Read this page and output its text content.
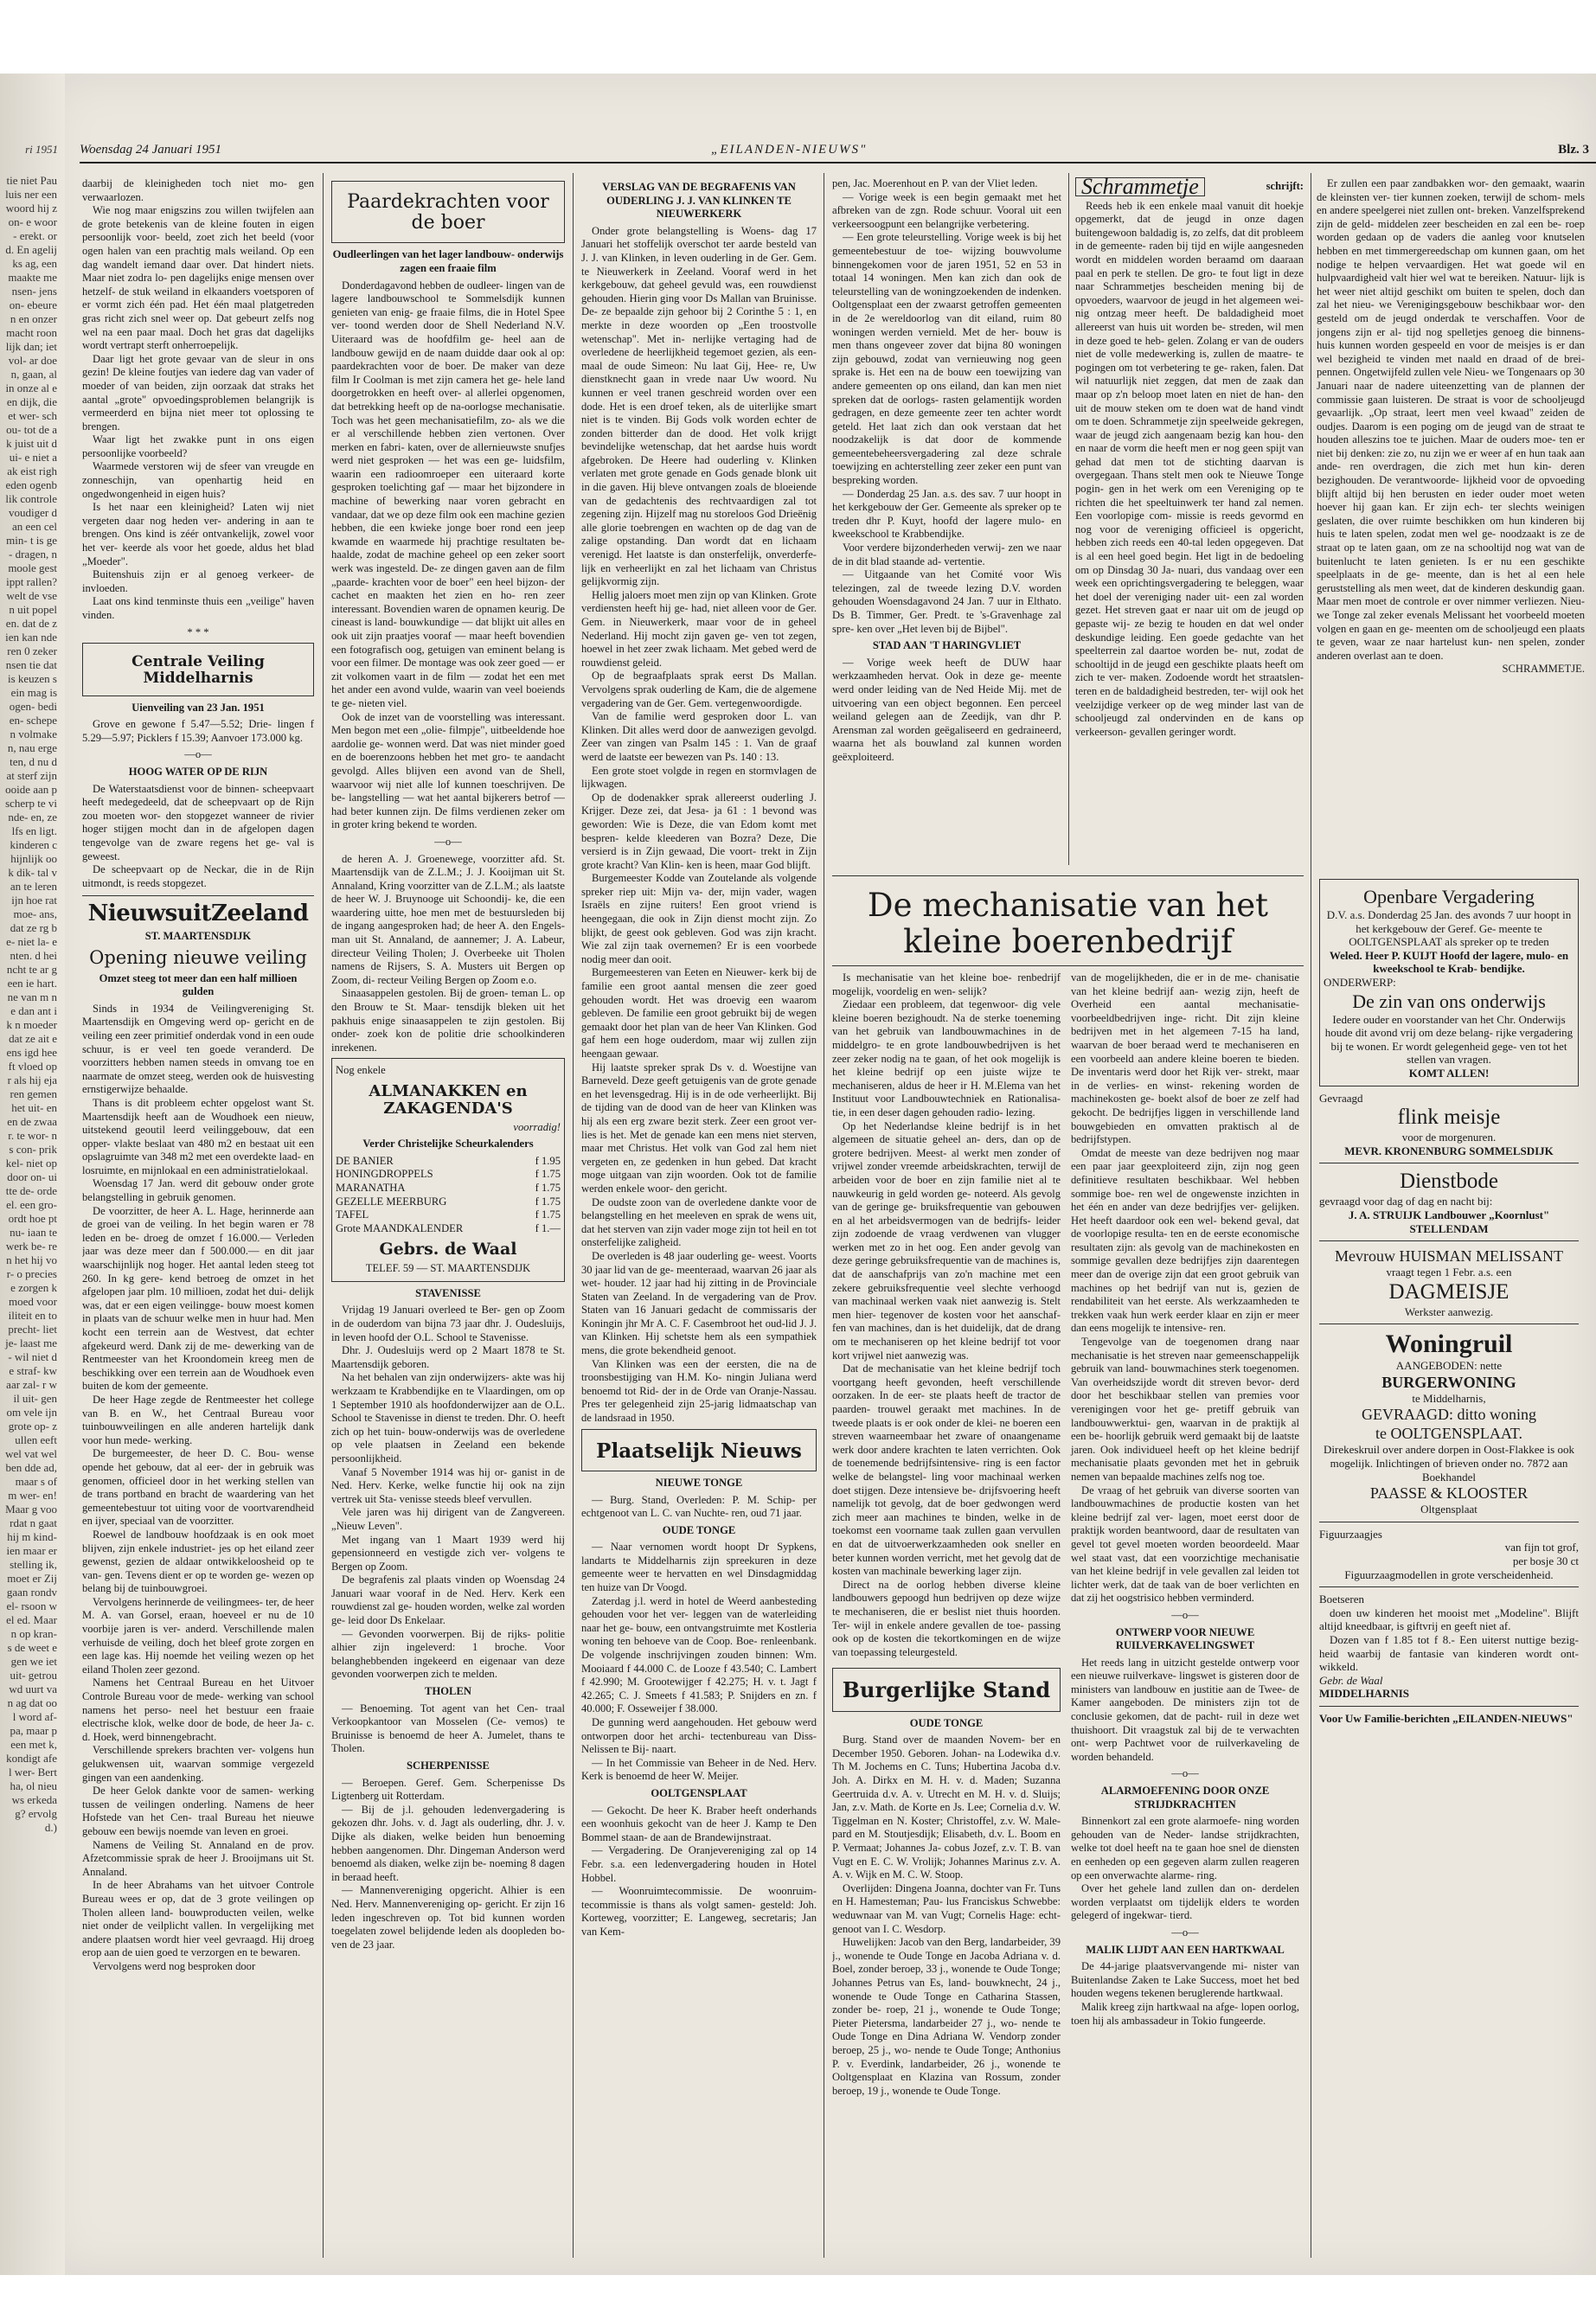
ri 1951

tie niet Pauluis ner een woord hij zon- e woor- erekt. ord. En agelijks ag, een maakte mensen- jens on- ebeuren en onzer macht roonlijk dan; iet vol- ar doen, gaan, al in onze al een dijk, die et wer- schou- tot de ak juist uit dui- e niet aak eist righeden ogenblik controle voudiger dan een cel min- t is ge- dragen, n moole gestippt rallen? welt de vsen uit popelen. dat de zien kan nderen 0 zeker nsen tie dat is keuzen sein mag is ogen- bedien- schepen volmaken, nau ergeten, d nu dat sterf zijn ooide aan p scherp te vinde- en, zelfs en ligt. kinderen chijnlijk ook dik- tal van te leren ijn hoe rat moe- ans, dat ze rg be- niet la- enten. d hei ncht te ar geen ie hart. ne van m ne dan ant ik n moeder dat ze ait eens igd heeft vloed op r als hij ejaren gemen het uit- en en de zwaar. te wor- ns con- prikkel- niet op door on- uitte de- ordeel. een gro- ordt hoe pt nu- iaan te werk be- ren het hij vor- o precies e zorgen kmoed voor iliteit en toprecht- liet je- laast me- wil niet de straf- kwaar zal- r wil uit- gen om vele ijn grote op- zullen eeft wel vat wel ben dde ad, maar s of m wer- en! Maar g voordat n gaat hij m kind- ien maar er stelling ik, moet er Zij gaan rondvel- rsoon wel ed. Maar n op kran- s de weet egen we iet uit- getrouwd uurt van ag dat ool word af- pa, maar peen met k, kondigt afel wer- Bertha, ol nieuws erkedag? ervolgd.)

Woensdag 24 Januari 1951	„EILANDEN-NIEUWS"	Blz. 3

daarbij de kleinigheden toch niet mo- gen verwaarlozen.

Wie nog maar enigszins zou willen twijfelen aan de grote betekenis van de kleine fouten in eigen persoonlijk voor- beeld, zoet zich het beeld (voor ogen halen van een prachtig mals weiland. Op een dag wandelt iemand daar over. Dat hindert niets. Maar niet zodra lo- pen dagelijks enige mensen over hetzelf- de stuk weiland in elkaanders voetsporen of er vormt zich één pad. Het één maal platgetreden gras richt zich snel weer op. Dat gebeurt zelfs nog wel na een paar maal. Doch het gras dat dagelijks wordt vertrapt sterft onherroepelijk.

Daar ligt het grote gevaar van de sleur in ons gezin! De kleine foutjes van iedere dag van vader of moeder of van beiden, zijn oorzaak dat straks het aantal „grote" opvoedingsproblemen belangrijk is vermeerderd en bijna niet meer tot oplossing te brengen.

Waar ligt het zwakke punt in ons eigen persoonlijke voorbeeld?

Waarmede verstoren wij de sfeer van vreugde en zonneschijn, van openhartig heid en ongedwongenheid in eigen huis?

Is het naar een kleinigheid? Laten wij niet vergeten daar nog heden ver- andering in aan te brengen. Ons kind is zéér ontvankelijk, zowel voor het ver- keerde als voor het goede, aldus het blad „Moeder".

Buitenshuis zijn er al genoeg verkeer- de invloeden.

Laat ons kind tenminste thuis een „veilige" haven vinden.

* * *
Centrale Veiling Middelharnis
Uienveiling van 23 Jan. 1951

Grove en gewone f 5.47—5.52; Drie- lingen f 5.29—5.97; Picklers f 15.39; Aanvoer 173.000 kg.

—o—
HOOG WATER OP DE RIJN

De Waterstaatsdienst voor de binnen- scheepvaart heeft medegedeeld, dat de scheepvaart op de Rijn zou moeten wor- den stopgezet wanneer de rivier hoger stijgen mocht dan in de afgelopen dagen tengevolge van de zware regens het ge- val is geweest.

De scheepvaart op de Neckar, die in de Rijn uitmondt, is reeds stopgezet.

NieuwsuitZeeland
ST. MAARTENSDIJK
Opening nieuwe veiling
Omzet steeg tot meer dan een half millioen gulden

Sinds in 1934 de Veilingvereniging St. Maartensdijk en Omgeving werd op- gericht en de veiling een zeer primitief onderdak vond in een oude schuur, is er veel ten goede veranderd. De voorzitters hebben namen steeds in omvang toe en naarmate de omzet steeg, werden ook de huisvesting ernstigerwijze behaalde.

Thans is dit probleem echter opgelost want St. Maartensdijk heeft aan de Woudhoek een nieuw, uitstekend geoutil leerd veilinggebouw, dat een opper- vlakte beslaat van 480 m2 en bestaat uit een opslagruimte van 348 m2 met een overdekte laad- en losruimte, en mijnlokaal en een administratielokaal.

Woensdag 17 Jan. werd dit gebouw onder grote belangstelling in gebruik genomen.

De voorzitter, de heer A. L. Hage, herinnerde aan de groei van de veiling. In het begin waren er 78 leden en be- droeg de omzet f 16.000.— Verleden jaar was deze meer dan f 500.000.— en dit jaar waarschijnlijk nog hoger. Het aantal leden steeg tot 260. In kg gere- kend betroeg de omzet in het afgelopen jaar plm. 10 millioen, zodat het dui- delijk was, dat er een eigen veilingge- bouw moest komen in plaats van de schuur welke men in huur had. Men kocht een terrein aan de Westvest, dat echter afgekeurd werd. Dank zij de me- dewerking van de Rentmeester van het Kroondomein kreeg men de beschikking over een terrein aan de Woudhoek even buiten de kom der gemeente.

De heer Hage zegde de Rentmeester het college van B. en W., het Centraal Bureau voor tuinbouwveilingen en alle anderen hartelijk dank voor hun mede- werking.

De burgemeester, de heer D. C. Bou- wense opende het gebouw, dat al eer- der in gebruik was genomen, officieel door in het werking stellen van de trans portband en bracht de waardering van het gemeentebestuur tot uiting voor de voortvarendheid en ijver, speciaal van de voorzitter.

Roewel de landbouw hoofdzaak is en ook moet blijven, zijn enkele industriet- jes op het eiland zeer gewenst, gezien de aldaar ontwikkeloosheid op te van- gen. Tevens dient er op te worden ge- wezen op belang bij de tuinbouwgroei.

Vervolgens herinnerde de veilingmees- ter, de heer M. A. van Gorsel, eraan, hoeveel er nu de 10 voorbije jaren is ver- anderd. Verschillende malen verhuisde de veiling, doch het bleef grote zorgen en een lage kas. Hij noemde het veiling wezen op het eiland Tholen zeer gezond.

Namens het Centraal Bureau en het Uitvoer Controle Bureau voor de mede- werking van school namens het perso- neel het bestuur een fraaie electrische klok, welke door de bode, de heer Ja- c. d. Hoek, werd binnengebracht.

Verschillende sprekers brachten ver- volgens hun gelukwensen uit, waarvan sommige vergezeld gingen van een aandenking.

De heer Gelok dankte voor de samen- werking tussen de veilingen onderling. Namens de heer Hofstede van het Cen- traal Bureau het nieuwe gebouw een bewijs noemde van leven en groei.

Namens de Veiling St. Annaland en de prov. Afzetcommissie sprak de heer J. Brooijmans uit St. Annaland.

In de heer Abrahams van het uitvoer Controle Bureau wees er op, dat de 3 grote veilingen op Tholen alleen land- bouwproducten veilen, welke niet onder de veilplicht vallen. In vergelijking met andere plaatsen wordt hier veel gevraagd. Hij droeg erop aan de uien goed te verzorgen en te bewaren.

Vervolgens werd nog besproken door

Paardekrachten voor de boer
Oudleerlingen van het lager landbouw- onderwijs zagen een fraaie film

Donderdagavond hebben de oudleer- lingen van de lagere landbouwschool te Sommelsdijk kunnen genieten van enig- ge fraaie films, die in Hotel Spee ver- toond werden door de Shell Nederland N.V. Uiteraard was de hoofdfilm ge- heel aan de landbouw gewijd en de naam duidde daar ook al op: paardekrachten voor de boer. De maker van deze film Ir Coolman is met zijn camera het ge- hele land doorgetrokken en heeft over- al allerlei opgenomen, dat betrekking heeft op de na-oorlogse mechanisatie. Toch was het geen mechanisatiefilm, zo- als we die er al verschillende hebben zien vertonen. Over merken en fabri- katen, over de allernieuwste snufjes werd niet gesproken — het was een ge- luidsfilm, waarin een radioomroeper een uiteraard korte gesproken toelichting gaf — maar het bijzondere in machine of bewerking naar voren gebracht en vandaar, dat we op deze film ook een machine gezien hebben, die een kwieke jonge boer rond een jeep kwamde en waarmede hij prachtige resultaten be- haalde, zodat de machine geheel op een zeker soort werk was ingesteld. De- ze dingen gaven aan de film „paarde- krachten voor de boer" een heel bijzon- der cachet en maakten het zien en ho- ren zeer interessant. Bovendien waren de opnamen keurig. De cineast is land- bouwkundige — dat blijkt uit alles en ook uit zijn praatjes vooraf — maar heeft bovendien een fotografisch oog, getuigen van eminent belang is voor een filmer. De montage was ook zeer goed — er zit volkomen vaart in de film — zodat het een met het ander een avond vulde, waarin van veel boeiends te ge- nieten viel.

Ook de inzet van de voorstelling was interessant. Men begon met een „olie- filmpje", uitbeeldende hoe aardolie ge- wonnen werd. Dat was niet minder goed en de boerenzoons hebben het met gro- te aandacht gevolgd. Alles blijven een avond van de Shell, waarvoor wij niet alle lof kunnen toeschrijven. De be- langstelling — wat het aantal bijkerers betrof — had beter kunnen zijn. De films verdienen zeker om in groter kring bekend te worden.

—o—

de heren A. J. Groenewege, voorzitter afd. St. Maartensdijk van de Z.L.M.; J. J. Kooijman uit St. Annaland, Kring voorzitter van de Z.L.M.; als laatste de heer W. J. Bruynooge uit Schoondij- ke, die een waardering uitte, hoe men met de bestuursleden bij de ingang aangesproken had; de heer A. den Engels- man uit St. Annaland, de aannemer; J. A. Labeur, directeur Veiling Tholen; J. Overbeeke uit Tholen namens de Rijsers, S. A. Musters uit Bergen op Zoom, di- recteur Veiling Bergen op Zoom e.o.

Sinaasappelen gestolen. Bij de groen- teman L. op den Brouw te St. Maar- tensdijk bleken uit het pakhuis enige sinaasappelen te zijn gestolen. Bij onder- zoek kon de politie drie schoolkinderen inrekenen.

Nog enkele
ALMANAKKEN en ZAKAGENDA'S
voorradig!
Verder Christelijke Scheurkalenders
DE BANIER	f 1.95
HONINGDROPPELS	f 1.75
MARANATHA	f 1.75
GEZELLE MEERBURG	f 1.75
TAFEL	f 1.75
Grote MAANDKALENDER	f 1.—
Gebrs. de Waal
TELEF. 59 — ST. MAARTENSDIJK
STAVENISSE

Vrijdag 19 Januari overleed te Ber- gen op Zoom in de ouderdom van bijna 73 jaar dhr. J. Oudesluijs, in leven hoofd der O.L. School te Stavenisse.

Dhr. J. Oudesluijs werd op 2 Maart 1878 te St. Maartensdijk geboren.

Na het behalen van zijn onderwijzers- akte was hij werkzaam te Krabbendijke en te Vlaardingen, om op 1 September 1910 als hoofdonderwijzer aan de O.L. School te Stavenisse in dienst te treden. Dhr. O. heeft zich op het tuin- bouw-onderwijs was de overledene op vele plaatsen in Zeeland een bekende persoonlijkheid.

Vanaf 5 November 1914 was hij or- ganist in de Ned. Herv. Kerke, welke functie hij ook na zijn vertrek uit Sta- venisse steeds bleef vervullen.

Vele jaren was hij dirigent van de Zangvereen. „Nieuw Leven".

Met ingang van 1 Maart 1939 werd hij gepensionneerd en vestigde zich ver- volgens te Bergen op Zoom.

De begrafenis zal plaats vinden op Woensdag 24 Januari waar vooraf in de Ned. Herv. Kerk een rouwdienst zal ge- houden worden, welke zal worden ge- leid door Ds Enkelaar.

— Gevonden voorwerpen. Bij de rijks- politie alhier zijn ingeleverd: 1 broche. Voor belanghebbenden ingekeerd en eigenaar van deze gevonden voorwerpen zich te melden.

THOLEN

— Benoeming. Tot agent van het Cen- traal Verkoopkantoor van Mosselen (Ce- vemos) te Bruinisse is benoemd de heer A. Jumelet, thans te Tholen.

SCHERPENISSE

— Beroepen. Geref. Gem. Scherpenisse Ds Ligtenberg uit Rotterdam.

— Bij de j.l. gehouden ledenvergadering is gekozen dhr. Johs. v. d. Jagt als ouderling, dhr. J. v. Dijke als diaken, welke beiden hun benoeming hebben aangenomen. Dhr. Dingeman Anderson werd benoemd als diaken, welke zijn be- noeming 8 dagen in beraad heeft.

— Mannenvereniging opgericht. Alhier is een Ned. Herv. Mannenvereniging op- gericht. Er zijn 16 leden ingeschreven op. Tot bid kunnen worden toegelaten zowel belijdende leden als doopleden bo- ven de 23 jaar.

VERSLAG VAN DE BEGRAFENIS VAN OUDERLING J. J. VAN KLINKEN TE NIEUWERKERK

Onder grote belangstelling is Woens- dag 17 Januari het stoffelijk overschot ter aarde besteld van J. J. van Klinken, in leven ouderling in de Ger. Gem. te Nieuwerkerk in Zeeland. Vooraf werd in het kerkgebouw, dat geheel gevuld was, een rouwdienst gehouden. Hierin ging voor Ds Mallan van Bruinisse. De- ze bepaalde zijn gehoor bij 2 Corinthe 5 : 1, en merkte in deze woorden op „Een troostvolle wetenschap". Met in- nerlijke vertaging had de overledene de heerlijkheid tegemoet gezien, als een- maal de oude Simeon: Nu laat Gij, Hee- re, Uw dienstknecht gaan in vrede naar Uw woord. Nu kunnen er veel tranen geschreid worden over een dode. Het is een droef teken, als de uiterlijke smart niet is te vinden. Bij Gods volk worden echter de zonden bitterder dan de dood. Het volk krijgt bevindelijke wetenschap, dat het aardse huis wordt afgebroken. De Heere had ouderling v. Klinken verlaten met grote genade en Gods genade blonk uit in die gaven. Hij bleve ontvangen zoals de bloeiende van de gedachtenis des rechtvaardigen zal tot zegening zijn. Hijzelf mag nu storeloos God Drieënig alle glorie toebrengen en wachten op de dag van de zalige opstanding. Dan wordt dat en lichaam verenigd. Het laatste is dan onsterfelijk, onverderfe- lijk en verheerlijkt en zal het lichaam van Christus gelijkvormig zijn.

Hellig jaloers moet men zijn op van Klinken. Grote verdiensten heeft hij ge- had, niet alleen voor de Ger. Gem. in Nieuwerkerk, maar voor de in geheel Nederland. Hij mocht zijn gaven ge- ven tot zegen, hoewel in het zeer zwak lichaam. Met gebed werd de rouwdienst geleid.

Op de begraafplaats sprak eerst Ds Mallan. Vervolgens sprak ouderling de Kam, die de algemene vergadering van de Ger. Gem. vertegenwoordigde.

Van de familie werd gesproken door L. van Klinken. Dit alles werd door de aanwezigen gevolgd. Zeer van zingen van Psalm 145 : 1. Van de graaf werd de laatste eer bewezen van Ps. 140 : 13.

Een grote stoet volgde in regen en stormvlagen de lijkwagen.

Op de dodenakker sprak allereerst ouderling J. Krijger. Deze zei, dat Jesa- ja 61 : 1 bevond was geworden: Wie is Deze, die van Edom komt met bespren- kelde kleederen van Bozra? Deze, Die versierd is in Zijn gewaad, Die voort- trekt in Zijn grote kracht? Van Klin- ken is heen, maar God blijft.

Burgemeester Kodde van Zoutelande als volgende spreker riep uit: Mijn va- der, mijn vader, wagen Israëls en zijne ruiters! Een groot vriend is heengegaan, die ook in Zijn dienst mocht zijn. Zo blijkt, de geest ook gebleven. God was zijn kracht. Wie zal zijn taak overnemen? Er is een voorbede nodig meer dan ooit.

Burgemeesteren van Eeten en Nieuwer- kerk bij de familie een groot aantal mensen die zeer goed gehouden wordt. Het was droevig een waarom gebleven. De familie een groot gebruikt bij de wegen gemaakt door het plan van de heer Van Klinken. God gaf hem een hoge ouderdom, maar wij zullen zijn heengaan gewaar.

Hij laatste spreker sprak Ds v. d. Woestijne van Barneveld. Deze geeft getuigenis van de grote genade en het levensgedrag. Hij is in de ode verheerlijkt. Bij de tijding van de dood van de heer van Klinken was hij als een erg zware bezit sterk. Zeer een groot ver- lies is het. Met de genade kan een mens niet sterven, maar met Christus. Het volk van God zal hem niet vergeten en, ze gedenken in hun gebed. Dat kracht moge uitgaan van zijn woorden. Ook tot de familie werden enkele woor- den gericht.

De oudste zoon van de overledene dankte voor de belangstelling en het meeleven en sprak de wens uit, dat het sterven van zijn vader moge zijn tot heil en tot onsterfelijke zaligheid.

De overleden is 48 jaar ouderling ge- weest. Voorts 30 jaar lid van de ge- meenteraad, waarvan 26 jaar als wet- houder. 12 jaar had hij zitting in de Provinciale Staten van Zeeland. In de vergadering van de Prov. Staten van 16 Januari gedacht de commissaris der Koningin jhr Mr A. C. F. Casembroot het oud-lid J. J. van Klinken. Hij schetste hem als een sympathiek mens, die grote bekendheid genoot.

Van Klinken was een der eersten, die na de troonsbestijging van H.M. Ko- ningin Juliana werd benoemd tot Rid- der in de Orde van Oranje-Nassau. Pres ter gelegenheid zijn 25-jarig lidmaatschap van de landsraad in 1950.

Plaatselijk Nieuws
NIEUWE TONGE

— Burg. Stand, Overleden: P. M. Schip- per echtgenoot van L. C. van Nuchte- ren, oud 71 jaar.

OUDE TONGE

— Naar vernomen wordt hoopt Dr Sypkens, landarts te Middelharnis zijn spreekuren in deze gemeente weer te hervatten en wel Dinsdagmiddag ten huize van Dr Voogd.

Zaterdag j.l. werd in hotel de Weerd aanbesteding gehouden voor het ver- leggen van de waterleiding naar het ge- bouw, een ontvangstruimte met Kostleria woning ten behoeve van de Coop. Boe- renleenbank. De volgende inschrijvingen zouden binnen: Wm. Mooiaard f 44.000 C. de Looze f 43.540; C. Lambert f 42.990; M. Grootewijger f 42.275; H. v. t. Jagt f 42.265; C. J. Smeets f 41.583; P. Snijders en zn. f 40.000; F. Osseweijer f 38.000.

De gunning werd aangehouden. Het gebouw werd ontworpen door het archi- tectenbureau van Diss-Nelissen te Bij- naart.

— In het Commissie van Beheer in de Ned. Herv. Kerk is benoemd de heer W. Meijer.

OOLTGENSPLAAT

— Gekocht. De heer K. Braber heeft onderhands een woonhuis gekocht van de heer J. Kamp te Den Bommel staan- de aan de Brandewijnstraat.

— Vergadering. De Oranjevereniging zal op 14 Febr. s.a. een ledenvergadering houden in Hotel Hobbel.

— Woonruimtecommissie. De woonruim- tecommissie is thans als volgt samen- gesteld: Joh. Korteweg, voorzitter; E. Langeweg, secretaris; Jan van Kem-

pen, Jac. Moerenhout en P. van der Vliet leden.

— Vorige week is een begin gemaakt met het afbreken van de zgn. Rode schuur. Vooral uit een verkeersoogpunt een belangrijke verbetering.

— Een grote teleurstelling. Vorige week is bij het gemeentebestuur de toe- wijzing bouwvolume binnengekomen voor de jaren 1951, 52 en 53 in totaal 14 woningen. Men kan zich dan ook de teleurstelling van de woningzoekenden de indenken. Ooltgensplaat een der zwaarst getroffen gemeenten in de 2e wereldoorlog van dit eiland, ruim 80 woningen werden vernield. Met de her- bouw is men thans ongeveer zover dat bijna 80 woningen zijn gebouwd, zodat van vernieuwing nog geen sprake is. Het een na de bouw een toewijzing van andere gemeenten op ons eiland, dan kan men niet spreken dat de oorlogs- rasten gelamentijk worden gedragen, en deze gemeente zeer ten achter wordt geteld. Het laat zich dan ook verstaan dat het noodzakelijk is dat door de kommende gemeentebeheersvergadering zal deze schrale toewijzing en achterstelling zeer zeker een punt van bespreking worden.

— Donderdag 25 Jan. a.s. des sav. 7 uur hoopt in het kerkgebouw der Ger. Gemeente als spreker op te treden dhr P. Kuyt, hoofd der lagere mulo- en kweekschool te Krabbendijke.

Voor verdere bijzonderheden verwij- zen we naar de in dit blad staande ad- vertentie.

— Uitgaande van het Comité voor Wis telezingen, zal de tweede lezing D.V. worden gehouden Woensdagavond 24 Jan. 7 uur in Elthato. Ds B. Timmer, Ger. Predt. te 's-Gravenhage zal spre- ken over „Het leven bij de Bijbel".

STAD AAN 'T HARINGVLIET

— Vorige week heeft de DUW haar werkzaamheden hervat. Ook in deze ge- meente werd onder leiding van de Ned Heide Mij. met de uitvoering van een object begonnen. Een perceel weiland gelegen aan de Zeedijk, van dhr P. Arensman zal worden geëgaliseerd en gedraineerd, waarna het als bouwland zal kunnen worden geëxploiteerd.

Schrammetje	schrijft:

Reeds heb ik een enkele maal vanuit dit hoekje opgemerkt, dat de jeugd in onze dagen buitengewoon baldadig is, zo zelfs, dat dit probleem in de gemeente- raden bij tijd en wijle aangesneden wordt en middelen worden beraamd om daaraan paal en perk te stellen. De gro- te fout ligt in deze naar Schrammetjes bescheiden mening bij de opvoeders, waarvoor de jeugd in het algemeen wei- nig ontzag meer heeft. De baldadigheid moet allereerst van huis uit worden be- streden, wil men in deze goed te heb- gelen. Zolang er van de ouders niet de volle medewerking is, zullen de maatre- te pogingen om tot verbetering te ge- raken, falen. Dat wil natuurlijk niet zeggen, dat men de zaak dan maar op z'n beloop moet laten en niet de han- den uit de mouw steken om te doen wat de hand vindt om te doen. Schrammetje zijn speelweide gekregen, waar de jeugd zich aangenaam bezig kan hou- den en naar de vorm die heeft men er nog geen spijt van gehad dat men tot de stichting daarvan is overgegaan. Thans stelt men ook te Nieuwe Tonge pogin- gen in het werk om een Vereniging op te richten die het speeltuinwerk ter hand zal nemen. Een voorlopige com- missie is reeds gevormd en nog voor de vereniging officieel is opgericht, hebben zich reeds een 40-tal leden opgegeven. Dat is al een heel goed begin. Het ligt in de bedoeling om op Dinsdag 30 Ja- nuari, dus vandaag over een week een oprichtingsvergadering te beleggen, waar het doel der vereniging nader uit- een zal worden gezet. Het streven gaat er naar uit om de jeugd op gepaste wij- ze bezig te houden en dat wel onder deskundige leiding. Een goede gedachte van het speelterrein zal daartoe worden be- nut, zodat de schooltijd in de jeugd een geschikte plaats heeft om zich te ver- maken. Zodoende wordt het straatslen- teren en de baldadigheid bestreden, ter- wijl ook het veelzijdige verkeer op de weg minder last van de schooljeugd zal ondervinden en de kans op verkeerson- gevallen geringer wordt.

Er zullen een paar zandbakken wor- den gemaakt, waarin de kleinsten ver- tier kunnen zoeken, terwijl de schom- mels en andere speelgerei niet zullen ont- breken. Vanzelfsprekend zijn de geld- middelen zeer bescheiden en zal een be- roep worden gedaan op de vaders die aanleg voor knutselen hebben en met timmergereedschap om kunnen gaan, om het nodige te helpen vervaardigen. Het wat goede wil en hulpvaardigheid valt hier wel wat te bereiken. Natuur- lijk is het weer niet altijd geschikt om buiten te spelen, doch dan zal het nieu- we Verenigingsgebouw beschikbaar wor- den gesteld om de jeugd onderdak te verschaffen. Voor de jongens zijn er al- tijd nog spelletjes genoeg die binnens- huis kunnen worden gespeeld en voor de meisjes is er dan wel bezigheid te vinden met naald en draad of de brei- pennen. Ongetwijfeld zullen vele Nieu- we Tongenaars op 30 Januari naar de nadere uiteenzetting van de plannen der commissie gaan luisteren. De straat is voor de schooljeugd gevaarlijk. „Op straat, leert men veel kwaad" zeiden de oudjes. Daarom is een poging om de jeugd van de straat te houden alleszins toe te juichen. Maar de ouders moe- ten er niet bij denken: zie zo, nu zijn we er weer af en hun taak aan ande- ren overdragen, die zich met hun kin- deren bezighouden. De verantwoorde- lijkheid voor de opvoeding blijft altijd bij hen berusten en ieder ouder moet weten hoever hij gaan kan. Er zijn ech- ter slechts weinigen geslaten, die over ruimte beschikken om hun kinderen bij huis te laten spelen, zodat men wel ge- noodzaakt is ze de straat op te laten gaan, om ze na schooltijd nog wat van de buitenlucht te laten genieten. Is er nu een geschikte speelplaats in de ge- meente, dan is het al een hele geruststelling als men weet, dat de kinderen deskundig gaan. Maar men moet de controle er over nimmer verliezen. Nieu- we Tonge zal zeker evenals Melissant het voorbeeld moeten volgen en gaan en ge- meenten om de schooljeugd een plaats te geven, waar ze naar hartelust kun- nen spelen, zonder anderen overlast aan te doen.

SCHRAMMETJE.
De mechanisatie van het kleine boerenbedrijf

Is mechanisatie van het kleine boe- renbedrijf mogelijk, voordelig en wen- selijk?

Ziedaar een probleem, dat tegenwoor- dig vele kleine boeren bezighoudt. Na de sterke toeneming van het gebruik van landbouwmachines in de middelgro- te en grote landbouwbedrijven is het zeer zeker nodig na te gaan, of het ook mogelijk is het kleine bedrijf op een juiste wijze te mechaniseren, aldus de heer ir H. M.Elema van het Instituut voor Landbouwtechniek en Rationalisa- tie, in een deser dagen gehouden radio- lezing.

Op het Nederlandse kleine bedrijf is in het algemeen de situatie geheel an- ders, dan op de grotere bedrijven. Meest- al werkt men zonder of vrijwel zonder vreemde arbeidskrachten, terwijl de arbeiden voor de boer en zijn familie niet al te nauwkeurig in geld worden ge- noteerd. Als gevolg van de geringe ge- bruiksfrequentie van gebouwen en al het arbeidsvermogen van de bedrijfs- leider zijn zodoende de vraag verdwenen van vlugger werken met zo in het oog. Een ander gevolg van deze geringe gebruiksfrequentie van de machines is, dat de aanschafprijs van zo'n machine met een zekere gebruiksfrequentie veel slechte verhoogd van machinaal werken vaak niet aanwezig is. Stelt men hier- tegenover de kosten voor het aanschaf- fen van machines, dan is het duidelijk, dat de drang om te mechaniseren op het kleine bedrijf tot voor kort vrijwel niet aanwezig was.

Dat de mechanisatie van het kleine bedrijf toch voortgang heeft gevonden, heeft verschillende oorzaken. In de eer- ste plaats heeft de tractor de paarden- trouwel geraakt met machines. In de tweede plaats is er ook onder de klei- ne boeren een streven waarneembaar het zware of onaangename werk door andere krachten te laten verrichten. Ook de toenemende bedrijfsintensive- ring is een factor welke de belangstel- ling voor machinaal werken doet stijgen. Deze intensieve be- drijfsvoering heeft namelijk tot gevolg, dat de boer gedwongen werd zich meer aan machines te binden, welke in de toekomst een voorname taak zullen gaan vervullen en dat de uitvoerwerkzaamheden ook sneller en beter kunnen worden verricht, met het gevolg dat de kosten van machinale bewerking lager zijn.

Direct na de oorlog hebben diverse kleine landbouwers gepoogd hun bedrijven op deze wijze te mechaniseren, die er beslist niet thuis hoorden. Ter- wijl in enkele andere gevallen de toe- passing ook op de kosten die tekortkomingen en de wijze van toepassing teleurgesteld.

Burgerlijke Stand
OUDE TONGE

Burg. Stand over de maanden Novem- ber en December 1950. Geboren. Johan- na Lodewika d.v. Th M. Jochems en C. Tuns; Hubertina Jacoba d.v. Joh. A. Dirkx en M. H. v. d. Maden; Suzanna Geertruida d.v. A. v. Utrecht en M. H. v. d. Sluijs; Jan, z.v. Math. de Korte en Js. Lee; Cornelia d.v. W. Tiggelman en N. Koster; Christoffel, z.v. W. Male- pard en M. Stoutjesdijk; Elisabeth, d.v. L. Boom en P. Vermaat; Johannes Ja- cobus Jozef, z.v. T. B. van Vugt en E. C. W. Vrolijk; Johannes Marinus z.v. A. A. v. Wijk en M. C. W. Stoop.

Overlijden: Dingena Joanna, dochter van Fr. Tuns en H. Hamesteman; Pau- lus Franciskus Schwebbe: weduwnaar van M. van Vugt; Cornelis Hage: echt- genoot van I. C. Wesdorp.

Huwelijken: Jacob van den Berg, landarbeider, 39 j., wonende te Oude Tonge en Jacoba Adriana v. d. Boel, zonder beroep, 33 j., wonende te Oude Tonge; Johannes Petrus van Es, land- bouwknecht, 24 j., wonende te Oude Tonge en Catharina Stassen, zonder be- roep, 21 j., wonende te Oude Tonge; Pieter Pietersma, landarbeider 27 j., wo- nende te Oude Tonge en Dina Adriana W. Vendorp zonder beroep, 25 j., wo- nende te Oude Tonge; Anthonius P. v. Everdink, landarbeider, 26 j., wonende te Ooltgensplaat en Klazina van Rossum, zonder beroep, 19 j., wonende te Oude Tonge.

van de mogelijkheden, die er in de me- chanisatie van het kleine bedrijf aan- wezig zijn, heeft de Overheid een aantal mechanisatie-voorbeeldbedrijven inge- richt. Dit zijn kleine bedrijven met in het algemeen 7-15 ha land, waarvan de boer beraad werd te mechaniseren en een voorbeeld aan andere kleine boeren te bieden. De inventaris werd door het Rijk ver- strekt, maar in de verlies- en winst- rekening worden de machinekosten ge- boekt alsof de boer ze zelf had gekocht. De bedrijfjes liggen in verschillende land bouwgebieden en omvatten praktisch al de bedrijfstypen.

Omdat de meeste van deze bedrijven nog maar een paar jaar geexploiteerd zijn, zijn nog geen definitieve resultaten beschikbaar. Wel hebben sommige boe- ren wel de ongewenste inzichten in het één en ander van deze bedrijfjes ver- gelijken. Het heeft daardoor ook een wel- bekend geval, dat de voorlopige resulta- ten en de eerste economische resultaten zijn: als gevolg van de machinekosten en sommige gevallen deze bedrijfjes zijn daarentegen meer dan de overige zijn dat een groot gebruik van machines op het bedrijf van nut is, gezien de rendabiliteit van het eerste. Als werkzaamheden te trekken vaak hun werk eerder klaar en zijn er meer dan eens mogelijk te intensive- ren.

Tengevolge van de toegenomen drang naar mechanisatie is het streven naar gemeenschappelijk gebruik van land- bouwmachines sterk toegenomen. Van overheidszijde wordt dit streven bevor- derd door het beschikbaar stellen van premies voor verenigingen voor het ge- pretiff gebruik van landbouwwerktui- gen, waarvan in de praktijk al een be- hoorlijk gebruik werd gemaakt bij de laatste jaren. Ook individueel heeft op het kleine bedrijf mechanisatie plaats gevonden met het in gebruik nemen van bepaalde machines zelfs nog toe.

De vraag of het gebruik van diverse soorten van landbouwmachines de productie kosten van het kleine bedrijf zal ver- lagen, moet eerst door de praktijk worden beantwoord, daar de resultaten van gevel tot gevel moeten worden beoordeeld. Maar wel staat vast, dat een voorzichtige mechanisatie van het kleine bedrijf in vele gevallen zal leiden tot lichter werk, dat de taak van de boer verlichten en dat zij het oogstrisico hebben verminderd.

—o—
ONTWERP VOOR NIEUWE RUILVERKAVELINGSWET

Het reeds lang in uitzicht gestelde ontwerp voor een nieuwe ruilverkave- lingswet is gisteren door de ministers van landbouw en justitie aan de Twee- de Kamer aangeboden. De ministers zijn tot de conclusie gekomen, dat de pacht- ruil in deze wet thuishoort. Dit vraagstuk zal bij de te verwachten ont- werp Pachtwet voor de ruilverkaveling de worden behandeld.

—o—
ALARMOEFENING DOOR ONZE STRIJDKRACHTEN

Binnenkort zal een grote alarmoefe- ning worden gehouden van de Neder- landse strijdkrachten, welke tot doel heeft na te gaan hoe snel de diensten en eenheden op een gegeven alarm zullen reageren op een onverwachte alarme- ring.

Over het gehele land zullen dan on- derdelen worden verplaatst om tijdelijk elders te worden gelegerd of ingekwar- tierd.

—o—
MALIK LIJDT AAN EEN HARTKWAAL

De 44-jarige plaatsvervangende mi- nister van Buitenlandse Zaken te Lake Success, moet het bed houden wegens tekenen beruglerende hartkwaal.

Malik kreeg zijn hartkwaal na afge- lopen oorlog, toen hij als ambassadeur in Tokio fungeerde.

Openbare Vergadering

D.V. a.s. Donderdag 25 Jan. des avonds 7 uur hoopt in het kerkgebouw der Geref. Ge- meente te OOLTGENSPLAAT als spreker op te treden

Weled. Heer P. KUIJT Hoofd der lagere, mulo- en kweekschool te Krab- bendijke.

ONDERWERP:

De zin van ons onderwijs

Iedere ouder en voorstander van het Chr. Onderwijs houde dit avond vrij om deze belang- rijke vergadering bij te wonen. Er wordt gelegenheid gege- ven tot het stellen van vragen.

KOMT ALLEN!

Gevraagd
flink meisje
voor de morgenuren.
MEVR. KRONENBURG SOMMELSDIJK
Dienstbode
gevraagd voor dag of dag en nacht bij:
J. A. STRUIJK Landbouwer „Koornlust" STELLENDAM
Mevrouw HUISMAN MELISSANT
vraagt tegen 1 Febr. a.s. een
DAGMEISJE
Werkster aanwezig.
Woningruil
AANGEBODEN: nette
BURGERWONING
te Middelharnis,
GEVRAAGD: ditto woning
te OOLTGENSPLAAT.
Direkeskruil over andere dorpen in Oost-Flakkee is ook mogelijk. Inlichtingen of brieven onder no. 7872 aan Boekhandel
PAASSE & KLOOSTER
Oltgensplaat
Figuurzaagjes
van fijn tot grof,
per bosje 30 ct
Figuurzaagmodellen in grote verscheidenheid.
Boetseren

doen uw kinderen het mooist met „Modeline". Blijft altijd kneedbaar, is giftvrij en geeft niet af.

Dozen van f 1.85 tot f 8.- Een uiterst nuttige bezig- heid waarbij de fantasie van kinderen wordt ont- wikkeld.

Gebr. de Waal
MIDDELHARNIS
Voor Uw Familie-berichten „EILANDEN-NIEUWS"
